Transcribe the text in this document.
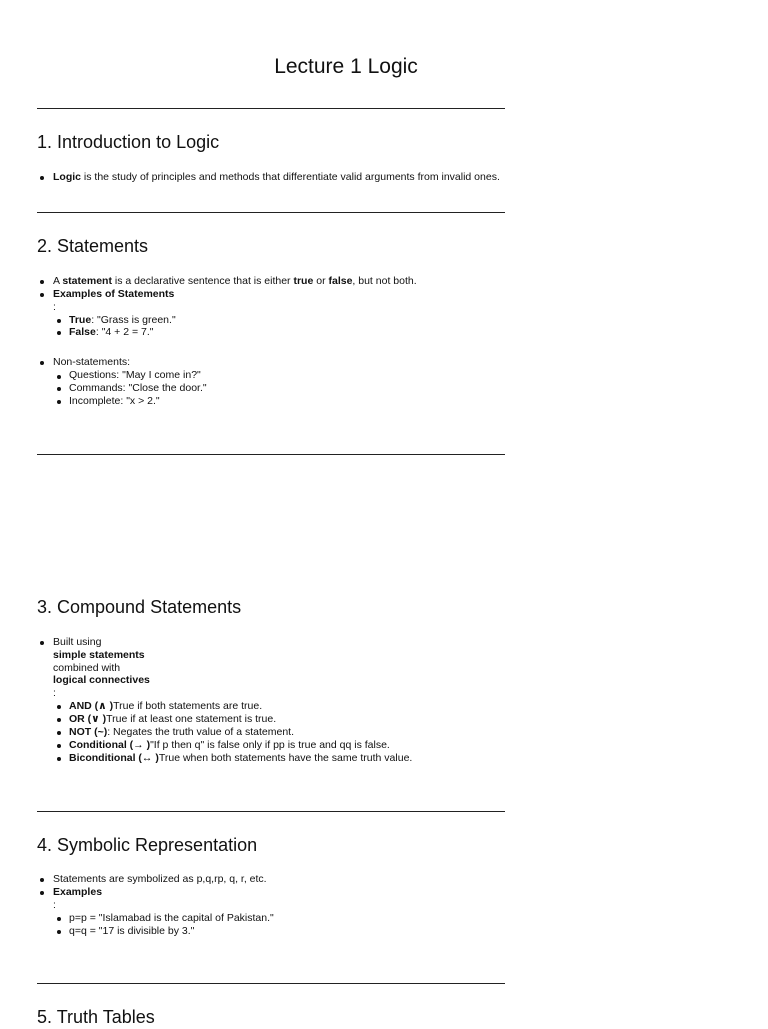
Lecture 1 Logic
1. Introduction to Logic
Logic is the study of principles and methods that differentiate valid arguments from invalid ones.
2. Statements
A statement is a declarative sentence that is either true or false, but not both.
Examples of Statements
:
True: "Grass is green."
False: "4 + 2 = 7."
Non-statements:
Questions: "May I come in?"
Commands: "Close the door."
Incomplete: "x > 2."
3. Compound Statements
Built using
simple statements
combined with
logical connectives
:
AND (∧ )True if both statements are true.
OR (∨ )True if at least one statement is true.
NOT (~): Negates the truth value of a statement.
Conditional (→ )"If p then q" is false only if pp is true and qq is false.
Biconditional (↔ )True when both statements have the same truth value.
4. Symbolic Representation
Statements are symbolized as p,q,rp, q, r, etc.
Examples
:
p=p = "Islamabad is the capital of Pakistan."
q=q = "17 is divisible by 3."
5. Truth Tables
